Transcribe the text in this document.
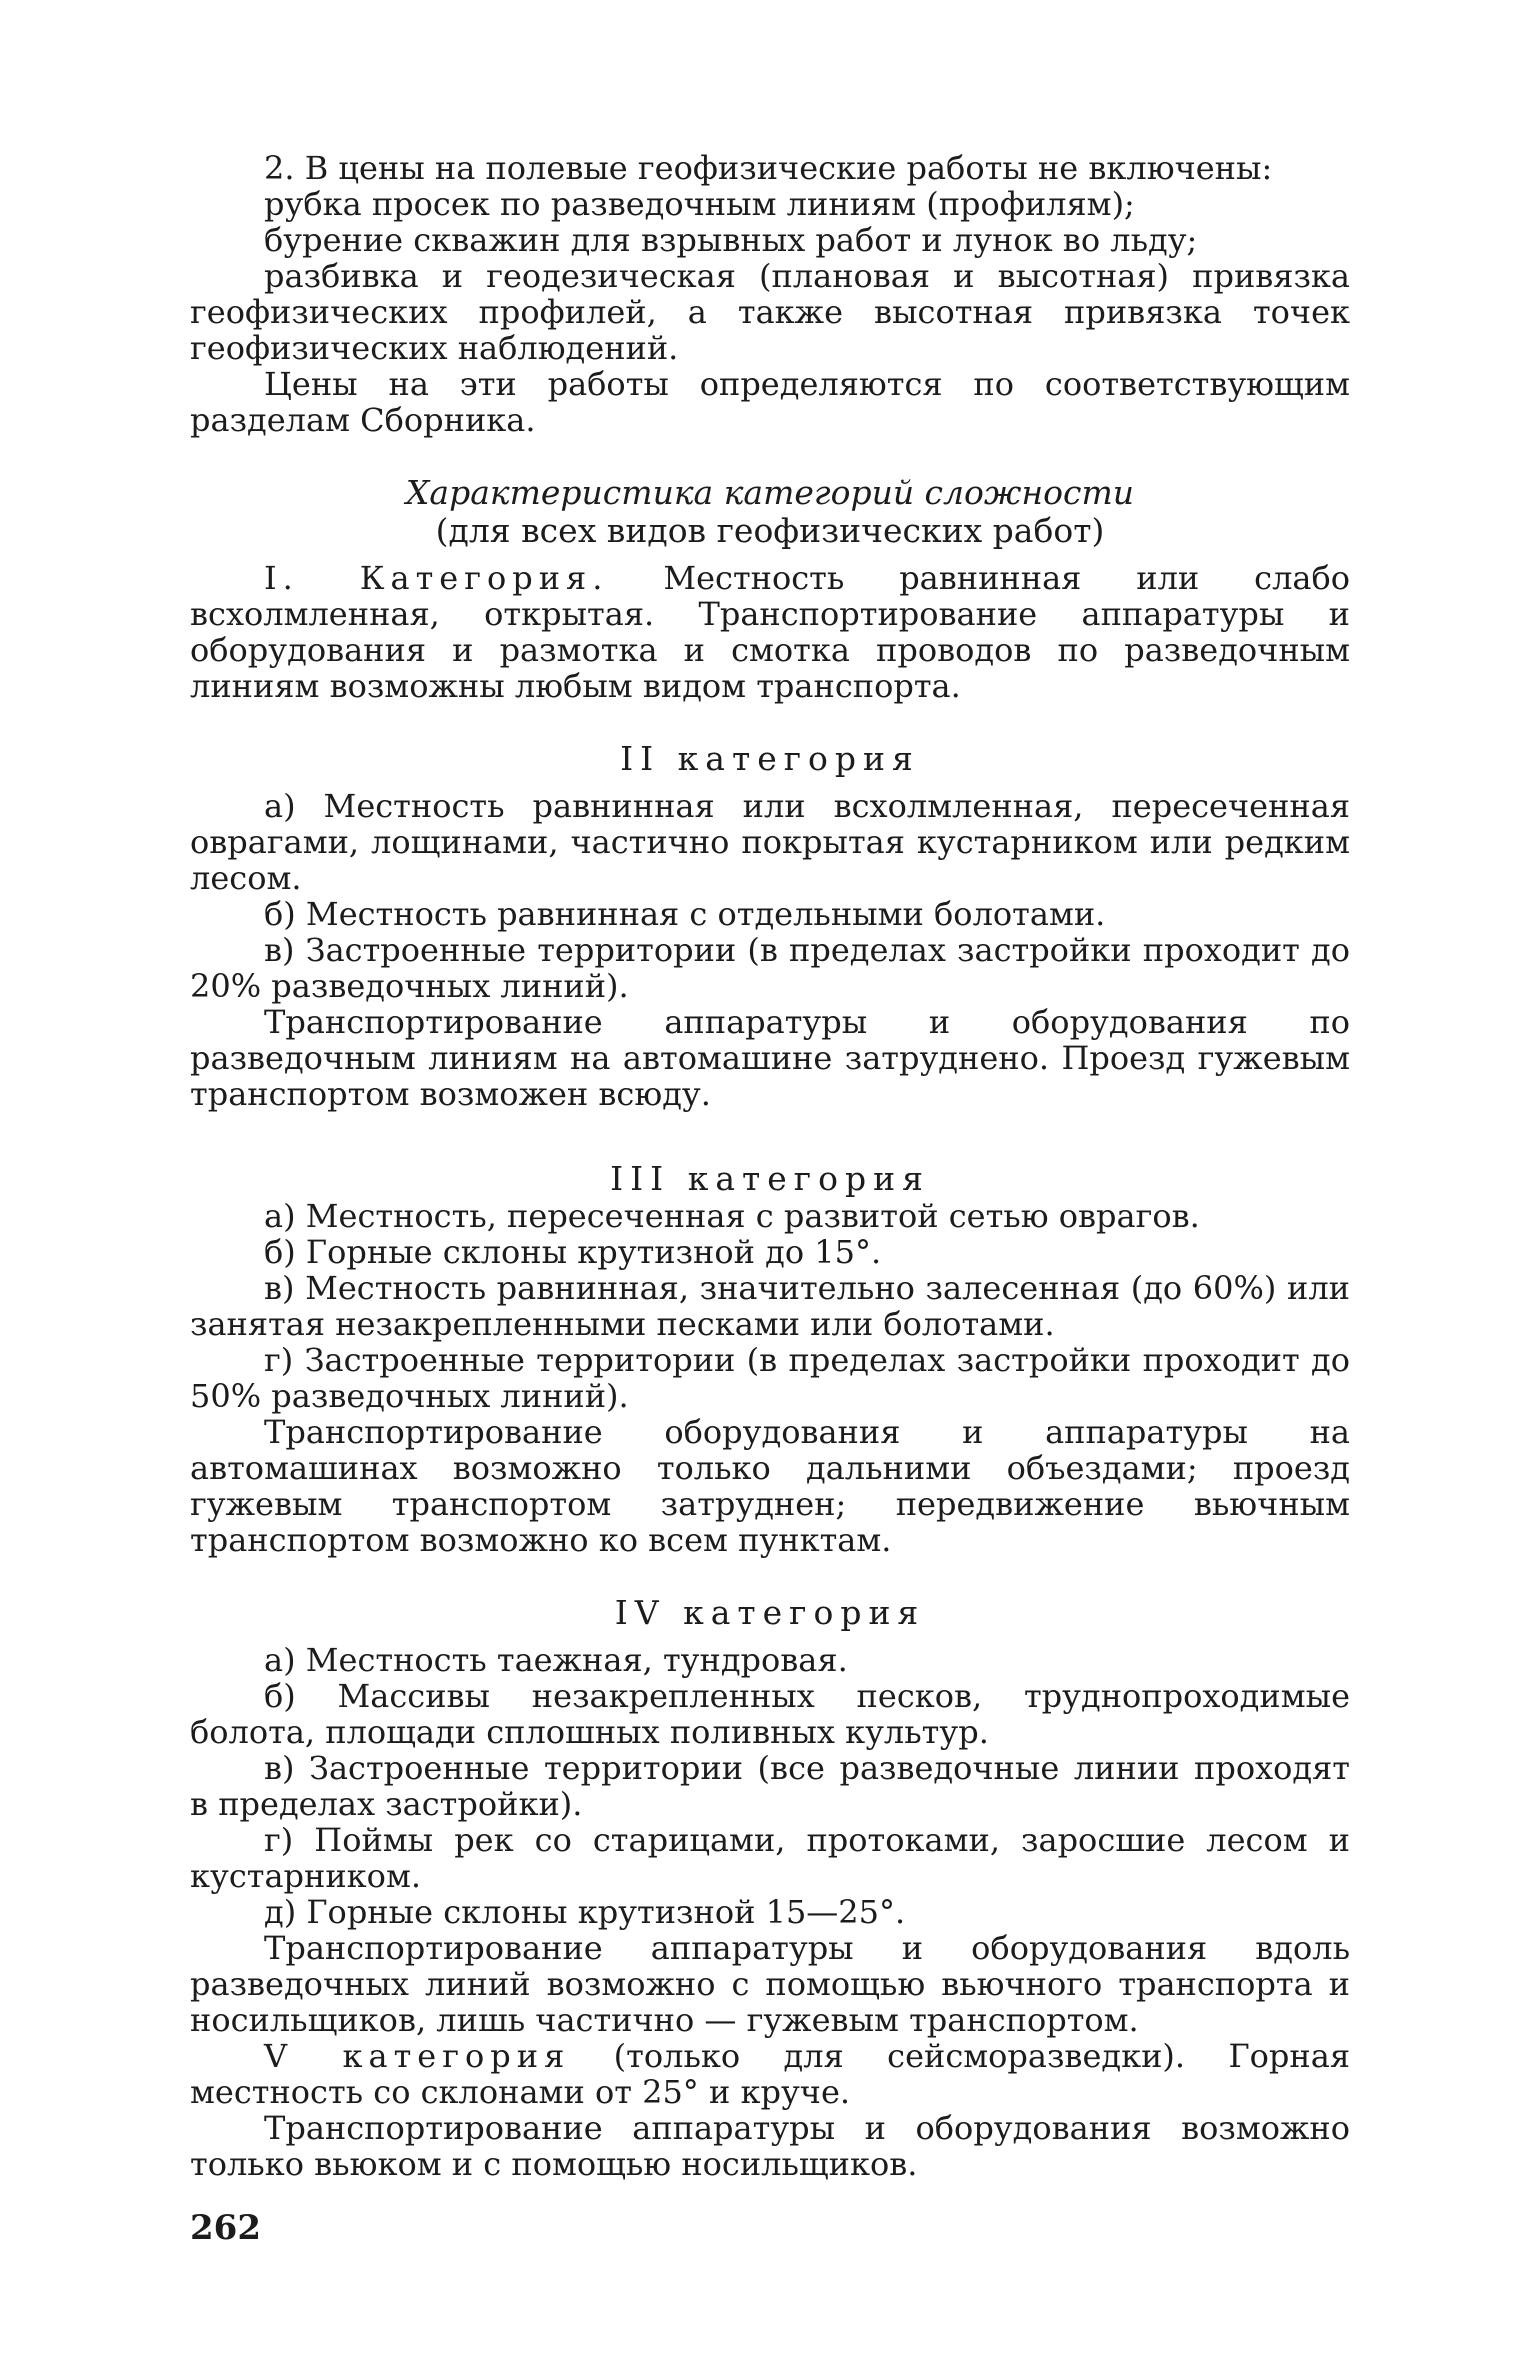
2. В цены на полевые геофизические работы не включены:

рубка просек по разведочным линиям (профилям);

бурение скважин для взрывных работ и лунок во льду;

разбивка и геодезическая (плановая и высотная) привязка геофизических профилей, а также высотная привязка точек геофизических наблюдений.

Цены на эти работы определяются по соответствующим разделам Сборника.

Характеристика категорий сложности

(для всех видов геофизических работ)

I. Категория. Местность равнинная или слабо всхолмленная, открытая. Транспортирование аппаратуры и оборудования и размотка и смотка проводов по разведочным линиям возможны любым видом транспорта.

II категория

а) Местность равнинная или всхолмленная, пересеченная оврагами, лощинами, частично покрытая кустарником или редким лесом.

б) Местность равнинная с отдельными болотами.

в) Застроенные территории (в пределах застройки проходит до 20% разведочных линий).

Транспортирование аппаратуры и оборудования по разведочным линиям на автомашине затруднено. Проезд гужевым транспортом возможен всюду.

III категория

а) Местность, пересеченная с развитой сетью оврагов.

б) Горные склоны крутизной до 15°.

в) Местность равнинная, значительно залесенная (до 60%) или занятая незакрепленными песками или болотами.

г) Застроенные территории (в пределах застройки проходит до 50% разведочных линий).

Транспортирование оборудования и аппаратуры на автомашинах возможно только дальними объездами; проезд гужевым транспортом затруднен; передвижение вьючным транспортом возможно ко всем пунктам.

IV категория

а) Местность таежная, тундровая.

б) Массивы незакрепленных песков, труднопроходимые болота, площади сплошных поливных культур.

в) Застроенные территории (все разведочные линии проходят в пределах застройки).

г) Поймы рек со старицами, протоками, заросшие лесом и кустарником.

д) Горные склоны крутизной 15—25°.

Транспортирование аппаратуры и оборудования вдоль разведочных линий возможно с помощью вьючного транспорта и носильщиков, лишь частично — гужевым транспортом.

V категория (только для сейсморазведки). Горная местность со склонами от 25° и круче.

Транспортирование аппаратуры и оборудования возможно только вьюком и с помощью носильщиков.

262
